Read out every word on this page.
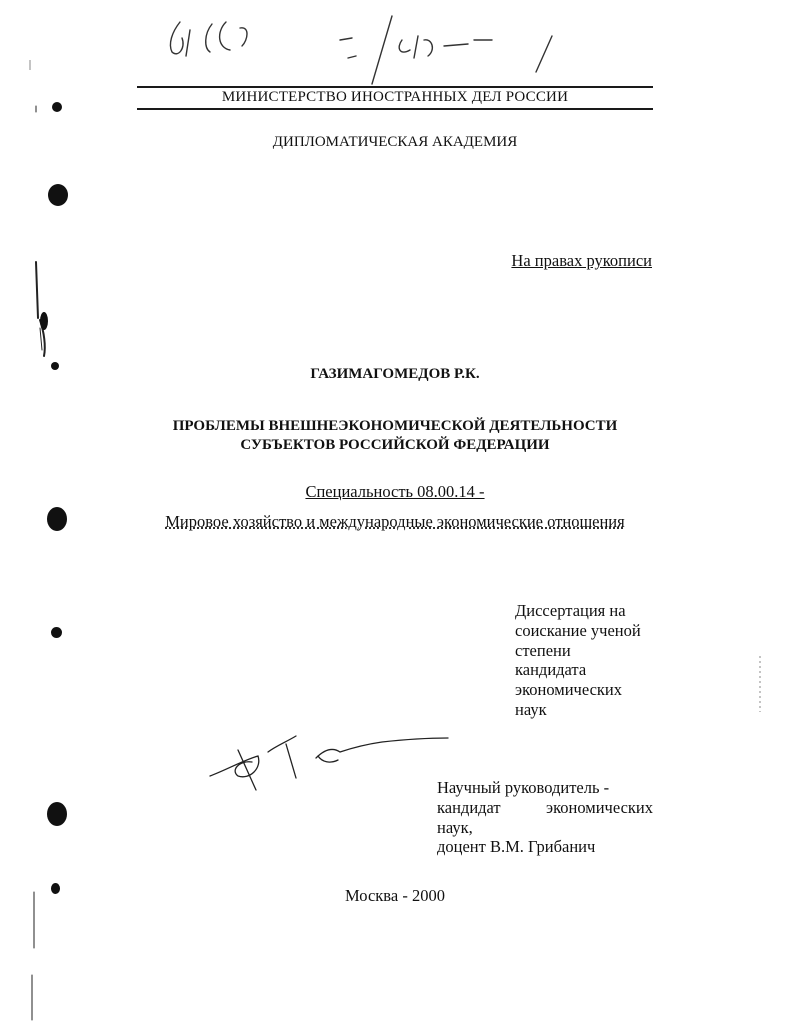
МИНИСТЕРСТВО ИНОСТРАННЫХ ДЕЛ РОССИИ
ДИПЛОМАТИЧЕСКАЯ АКАДЕМИЯ
На правах рукописи
ГАЗИМАГОМЕДОВ Р.К.
ПРОБЛЕМЫ ВНЕШНЕЭКОНОМИЧЕСКОЙ ДЕЯТЕЛЬНОСТИ
СУБЪЕКТОВ РОССИЙСКОЙ ФЕДЕРАЦИИ
Специальность 08.00.14 -
Мировое хозяйство и международные экономические отношения
Диссертация на
соискание ученой
степени
кандидата
экономических
наук
Научный руководитель -
кандидат экономических
наук,
доцент В.М. Грибанич
Москва - 2000
